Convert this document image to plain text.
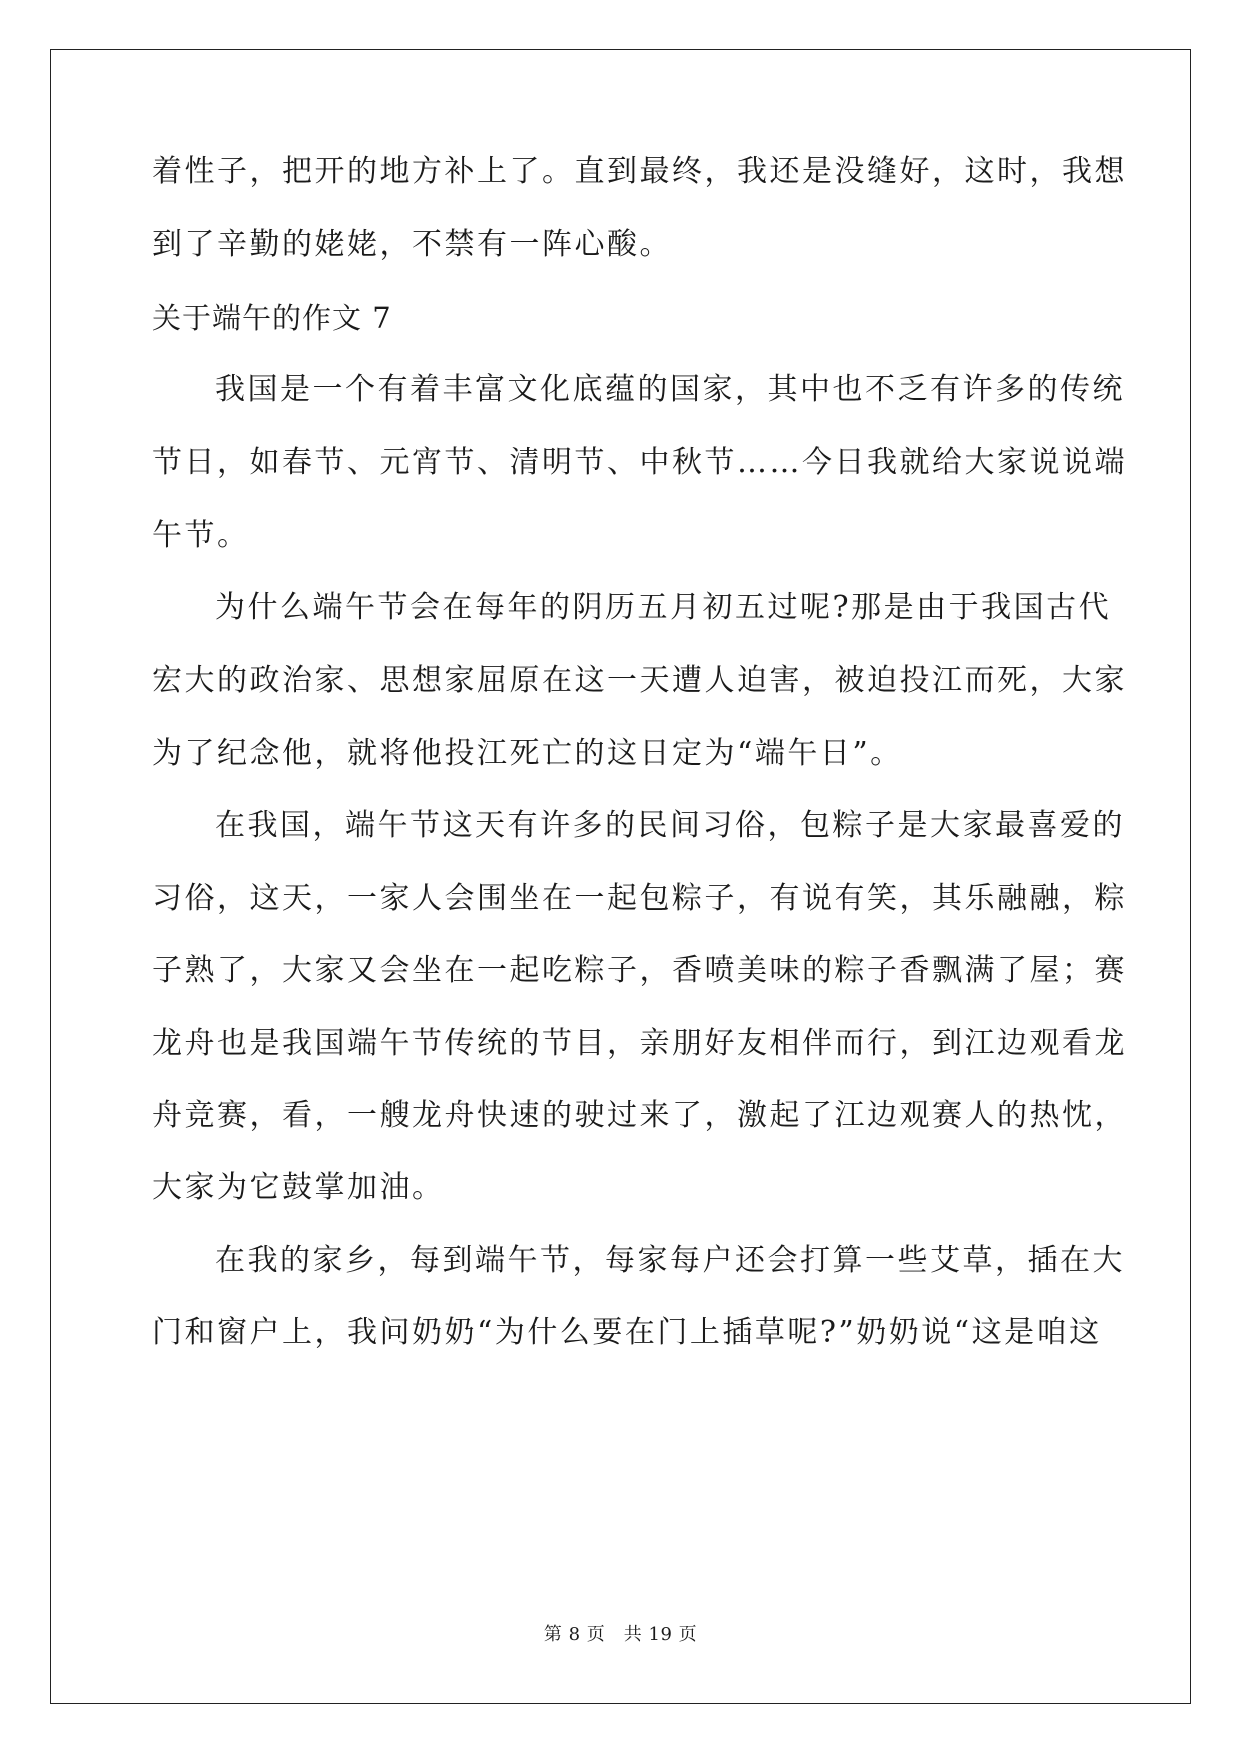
着性子，把开的地方补上了。直到最终，我还是没缝好，这时，我想
到了辛勤的姥姥，不禁有一阵心酸。
关于端午的作文 7
我国是一个有着丰富文化底蕴的国家，其中也不乏有许多的传统
节日，如春节、元宵节、清明节、中秋节……今日我就给大家说说端
午节。
为什么端午节会在每年的阴历五月初五过呢?那是由于我国古代
宏大的政治家、思想家屈原在这一天遭人迫害，被迫投江而死，大家
为了纪念他，就将他投江死亡的这日定为“端午日”。
在我国，端午节这天有许多的民间习俗，包粽子是大家最喜爱的
习俗，这天，一家人会围坐在一起包粽子，有说有笑，其乐融融，粽
子熟了，大家又会坐在一起吃粽子，香喷美味的粽子香飘满了屋；赛
龙舟也是我国端午节传统的节目，亲朋好友相伴而行，到江边观看龙
舟竞赛，看，一艘龙舟快速的驶过来了，激起了江边观赛人的热忱，
大家为它鼓掌加油。
在我的家乡，每到端午节，每家每户还会打算一些艾草，插在大
门和窗户上，我问奶奶“为什么要在门上插草呢?”奶奶说“这是咱这
第 8 页　共 19 页
